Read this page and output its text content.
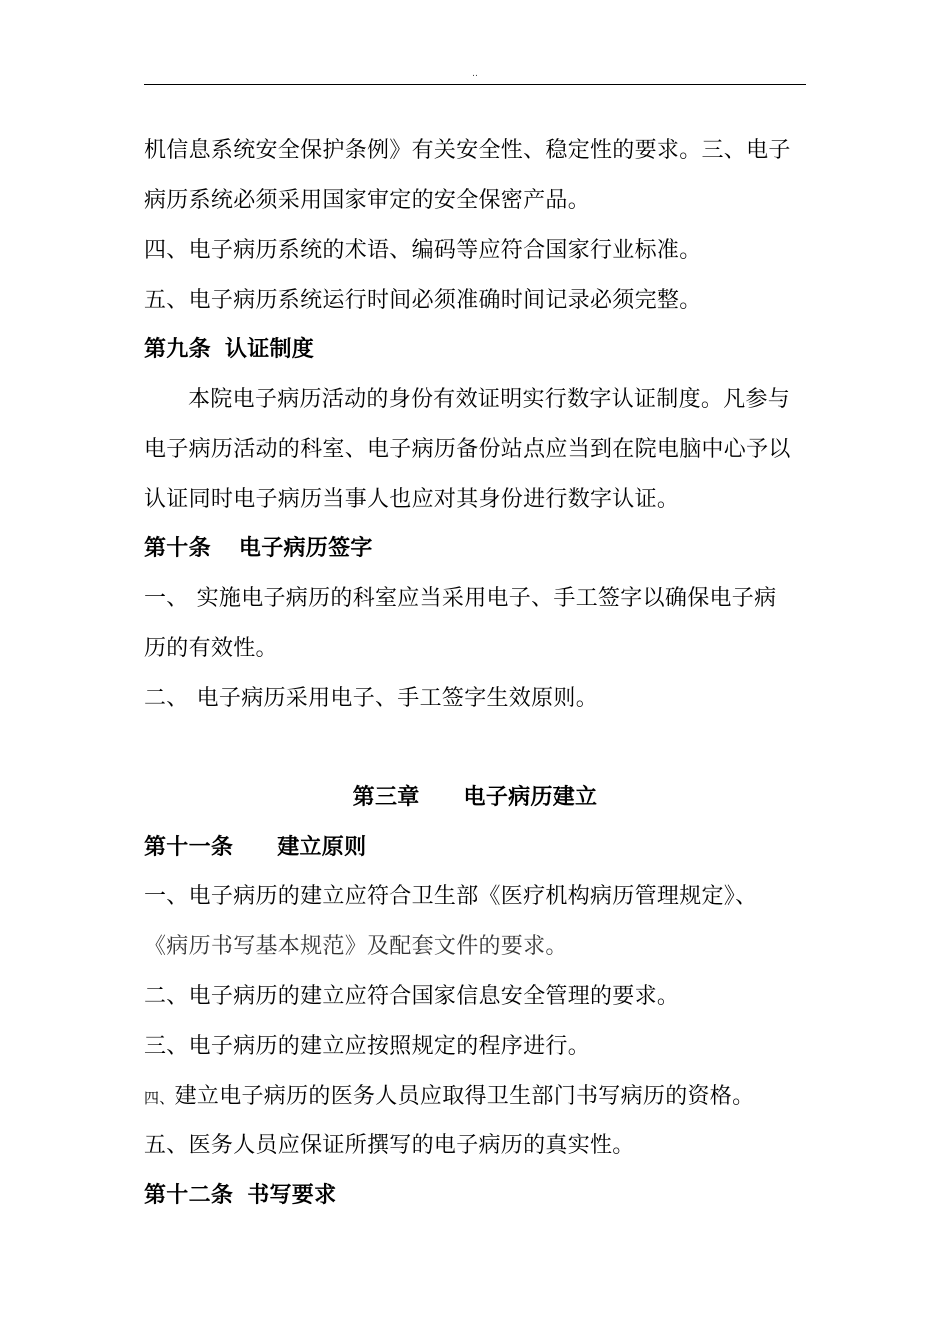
..
机信息系统安全保护条例》有关安全性、稳定性的要求。三、电子
病历系统必须采用国家审定的安全保密产品。
四、电子病历系统的术语、编码等应符合国家行业标准。
五、电子病历系统运行时间必须准确时间记录必须完整。
第九条 认证制度
本院电子病历活动的身份有效证明实行数字认证制度。凡参与
电子病历活动的科室、电子病历备份站点应当到在院电脑中心予以
认证同时电子病历当事人也应对其身份进行数字认证。
第十条 电子病历签字
一、 实施电子病历的科室应当采用电子、手工签字以确保电子病
历的有效性。
二、 电子病历采用电子、手工签字生效原则。
第三章 电子病历建立
第十一条 建立原则
一、电子病历的建立应符合卫生部《医疗机构病历管理规定》、
《病历书写基本规范》及配套文件的要求。
二、电子病历的建立应符合国家信息安全管理的要求。
三、电子病历的建立应按照规定的程序进行。
四、建立电子病历的医务人员应取得卫生部门书写病历的资格。
五、医务人员应保证所撰写的电子病历的真实性。
第十二条 书写要求
